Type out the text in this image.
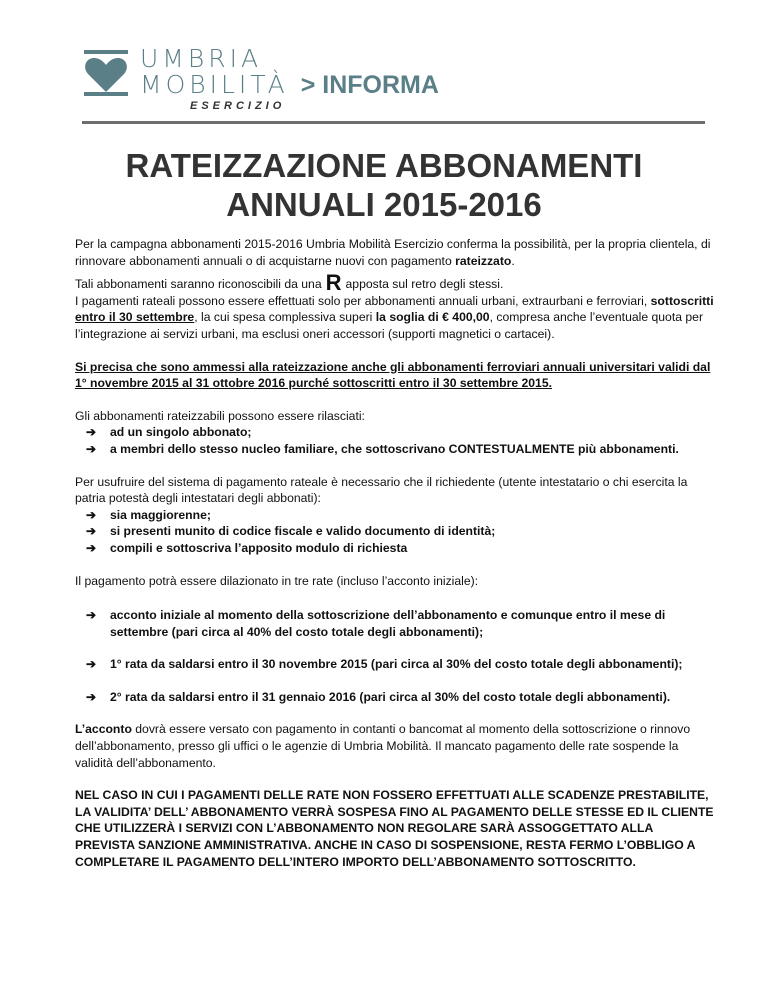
UMBRIA
MOBILITÀ > INFORMA
ESERCIZIO
RATEIZZAZIONE ABBONAMENTI
ANNUALI 2015-2016

Per la campagna abbonamenti 2015-2016 Umbria Mobilità Esercizio conferma la possibilità, per la propria clientela, di rinnovare abbonamenti annuali o di acquistarne nuovi con pagamento rateizzato.

Tali abbonamenti saranno riconoscibili da una R apposta sul retro degli stessi.

I pagamenti rateali possono essere effettuati solo per abbonamenti annuali urbani, extraurbani e ferroviari, sottoscritti entro il 30 settembre, la cui spesa complessiva superi la soglia di € 400,00, compresa anche l’eventuale quota per l’integrazione ai servizi urbani, ma esclusi oneri accessori (supporti magnetici o cartacei).

Si precisa che sono ammessi alla rateizzazione anche gli abbonamenti ferroviari annuali universitari validi dal 1° novembre 2015 al 31 ottobre 2016 purché sottoscritti entro il 30 settembre 2015.

Gli abbonamenti rateizzabili possono essere rilasciati:

➔ ad un singolo abbonato;
➔ a membri dello stesso nucleo familiare, che sottoscrivano CONTESTUALMENTE più abbonamenti.

Per usufruire del sistema di pagamento rateale è necessario che il richiedente (utente intestatario o chi esercita la patria potestà degli intestatari degli abbonati):

➔ sia maggiorenne;
➔ si presenti munito di codice fiscale e valido documento di identità;
➔ compili e sottoscriva l’apposito modulo di richiesta

Il pagamento potrà essere dilazionato in tre rate (incluso l’acconto iniziale):

➔ acconto iniziale al momento della sottoscrizione dell’abbonamento e comunque entro il mese di settembre (pari circa al 40% del costo totale degli abbonamenti);
➔ 1° rata da saldarsi entro il 30 novembre 2015 (pari circa al 30% del costo totale degli abbonamenti);
➔ 2° rata da saldarsi entro il 31 gennaio 2016 (pari circa al 30% del costo totale degli abbonamenti).

L’acconto dovrà essere versato con pagamento in contanti o bancomat al momento della sottoscrizione o rinnovo dell’abbonamento, presso gli uffici o le agenzie di Umbria Mobilità. Il mancato pagamento delle rate sospende la validità dell’abbonamento.

NEL CASO IN CUI I PAGAMENTI DELLE RATE NON FOSSERO EFFETTUATI ALLE SCADENZE PRESTABILITE, LA VALIDITA’ DELL’ ABBONAMENTO VERRÀ SOSPESA FINO AL PAGAMENTO DELLE STESSE ED IL CLIENTE CHE UTILIZZERÀ I SERVIZI CON L’ABBONAMENTO NON REGOLARE SARÀ ASSOGGETTATO ALLA PREVISTA SANZIONE AMMINISTRATIVA. ANCHE IN CASO DI SOSPENSIONE, RESTA FERMO L’OBBLIGO A COMPLETARE IL PAGAMENTO DELL’INTERO IMPORTO DELL’ABBONAMENTO SOTTOSCRITTO.
